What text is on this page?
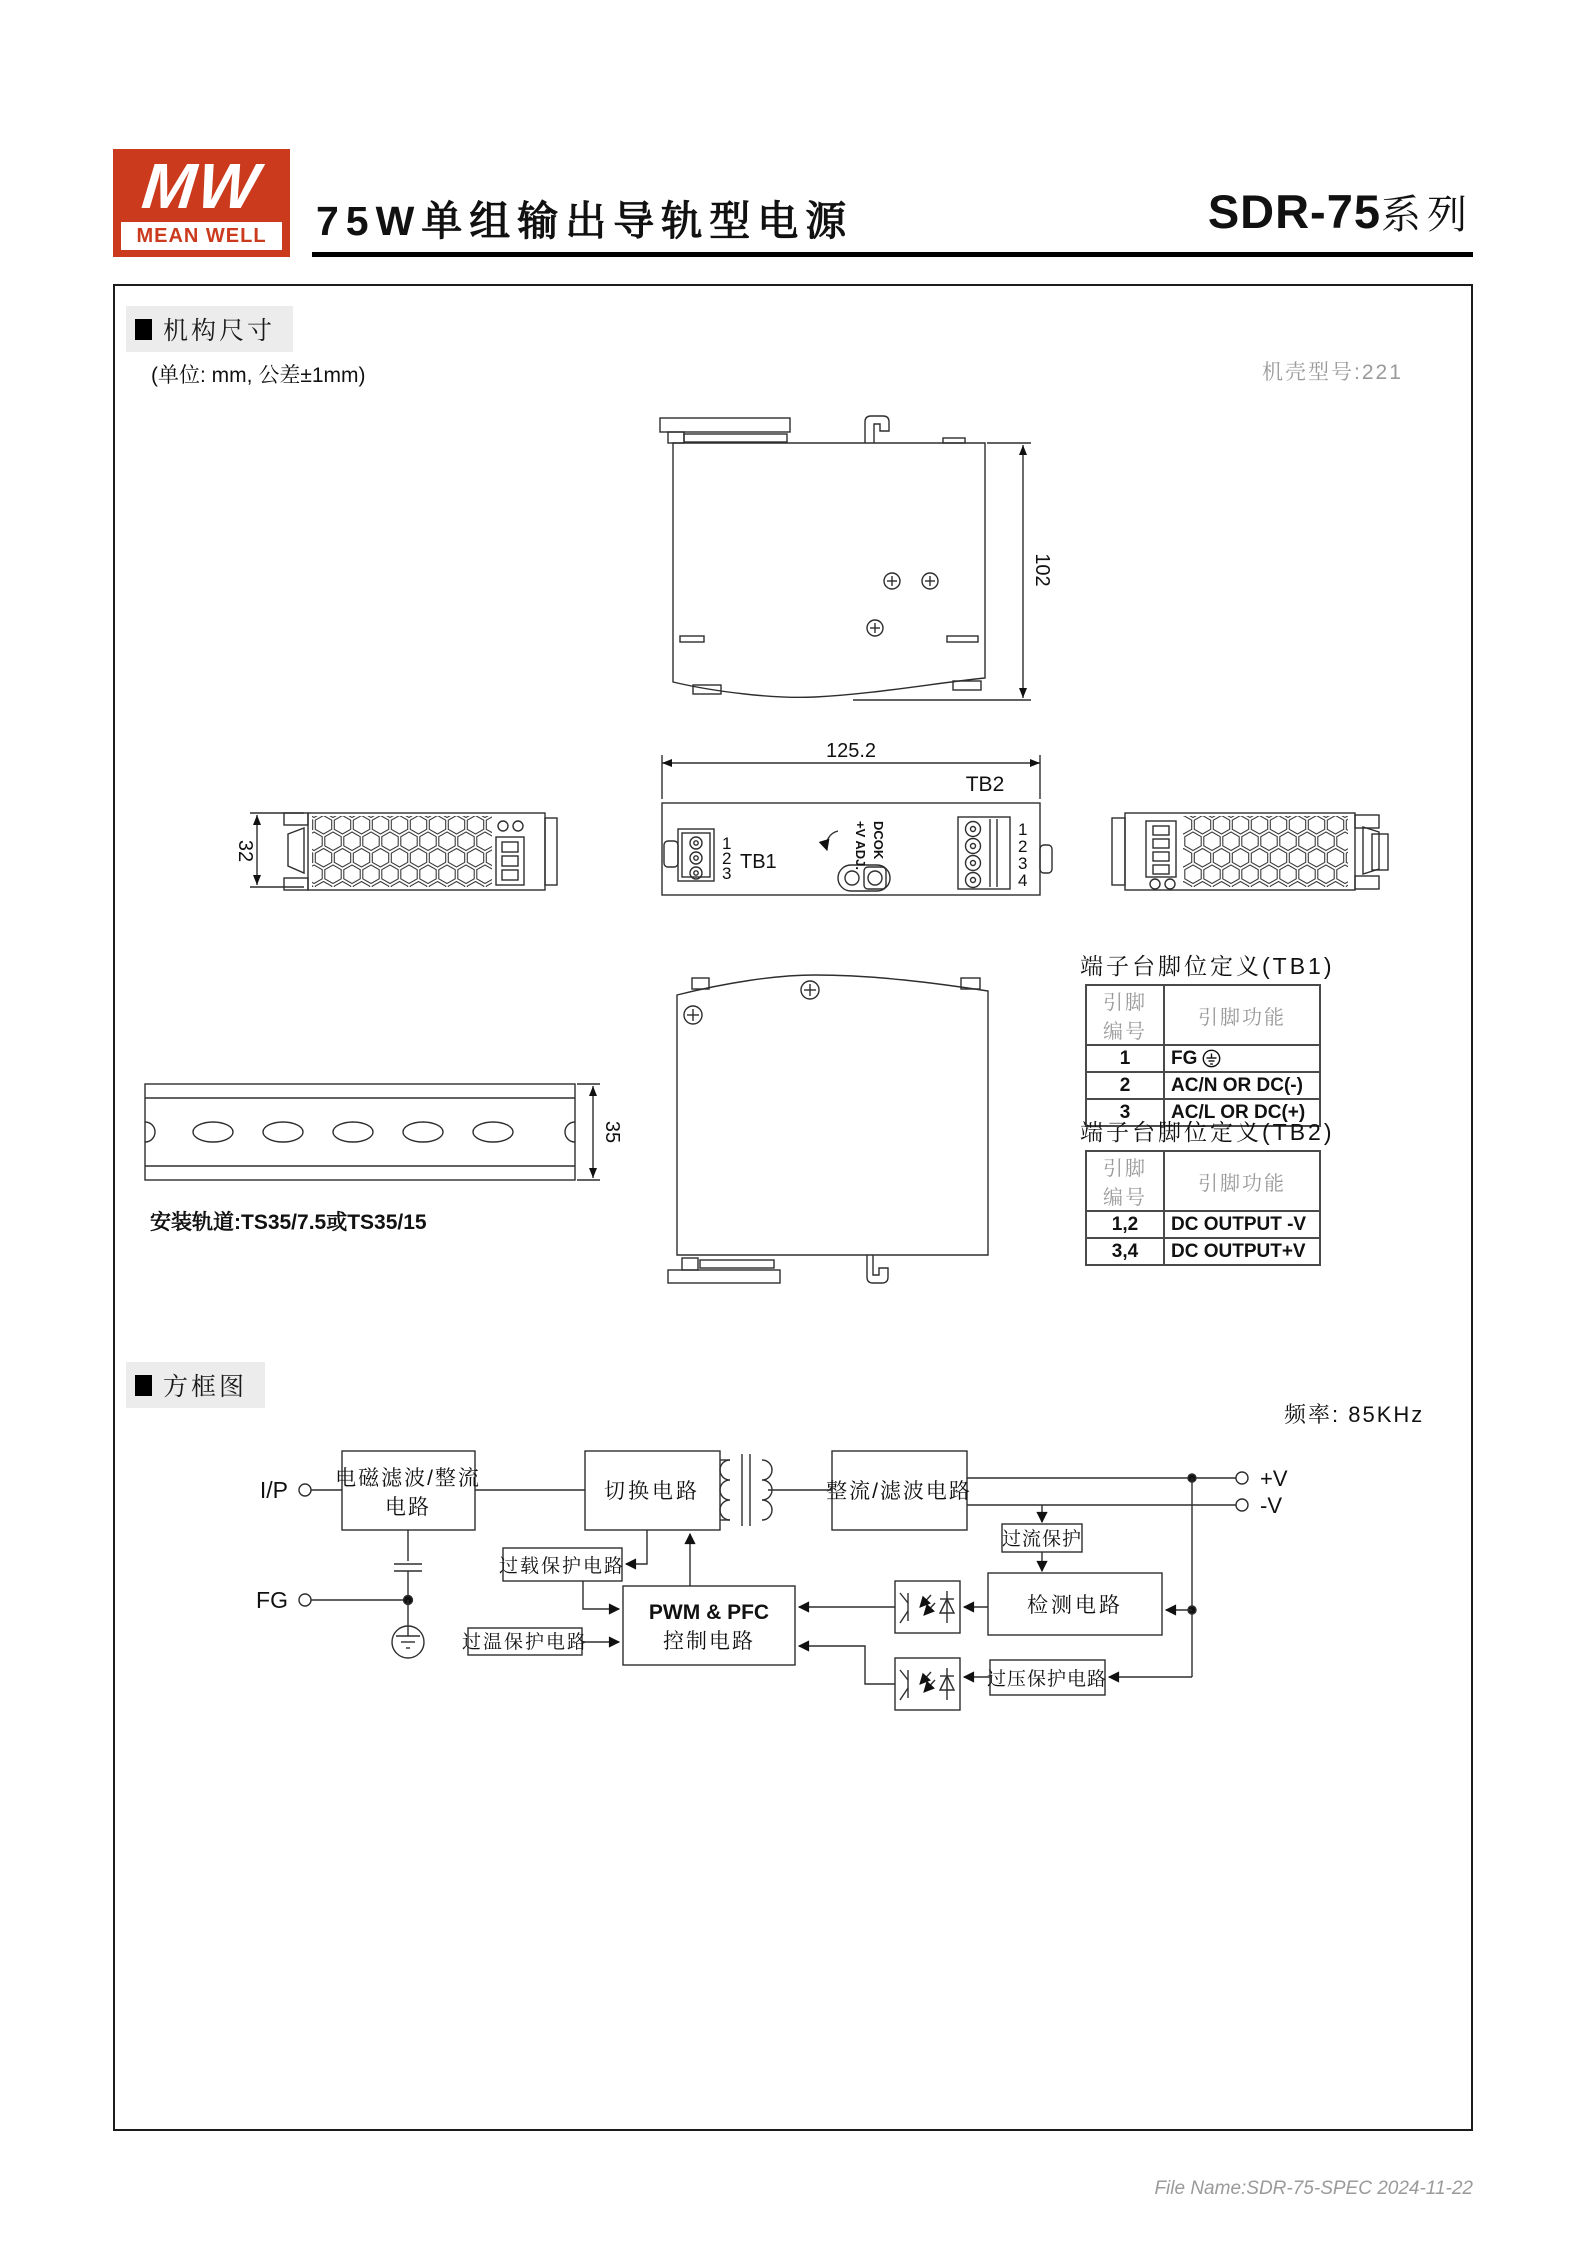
MW
MEAN WELL 75W单组输出导轨型电源	SDR-75 系列
机构尺寸
(单位: mm, 公差±1mm)	机壳型号:221
102
32
125.2
TB2
1
2
3
TB1	+V ADJ. DCOK	1
2
3
4
35
安装轨道:TS35/7.5或TS35/15
端子台脚位定义(TB1)
引脚编号	引脚功能
1	FG

2	AC/N OR DC(-)
3	AC/L OR DC(+)
端子台脚位定义(TB2)
引脚编号	引脚功能
1,2	DC OUTPUT -V
3,4	DC OUTPUT+V
方框图
频率: 85KHz
I/P
FG
+V
-V
电磁滤波/整流
电路
切换电路	整流/滤波电路
过载保护电路
过温保护电路
PWM & PFC
控制电路
过流保护
检测电路
过压保护电路
File Name:SDR-75-SPEC 2024-11-22
